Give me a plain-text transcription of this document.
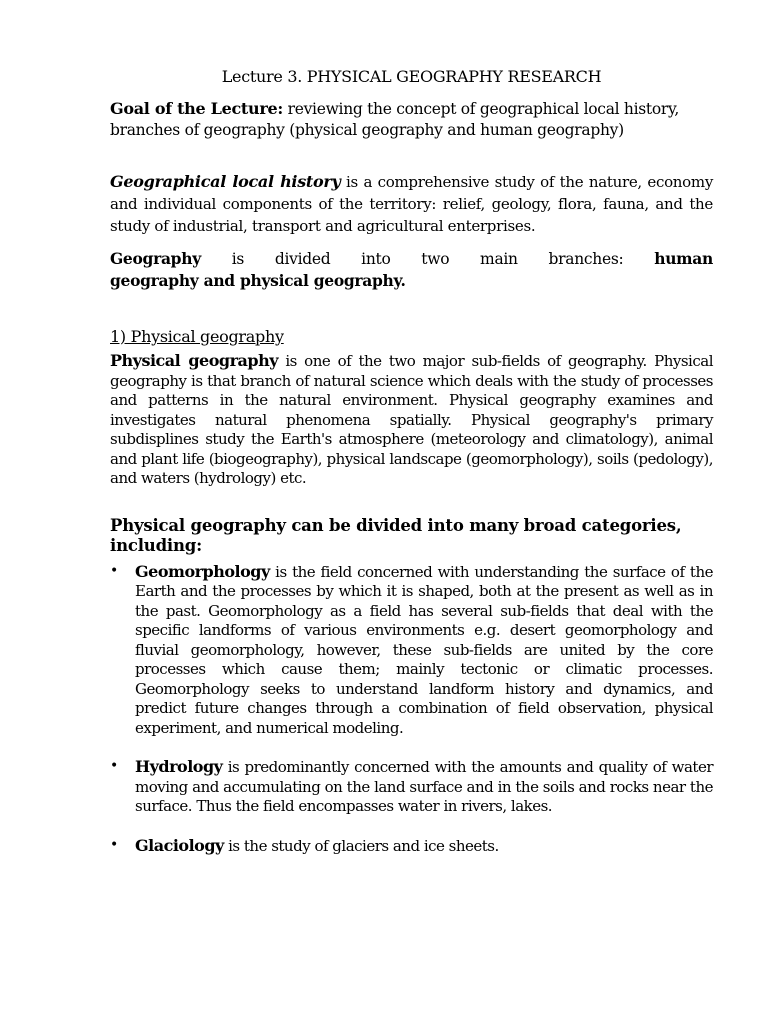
Lecture 3. PHYSICAL GEOGRAPHY RESEARCH

Goal of the Lecture: reviewing the concept of geographical local history, branches of geography (physical geography and human geography)

Geographical local history is a comprehensive study of the nature, economy and individual components of the territory: relief, geology, flora, fauna, and the study of industrial, transport and agricultural enterprises.

Geography is divided into two main branches: human
geography and physical geography.
1) Physical geography

Physical geography is one of the two major sub-fields of geography. Physical geography is that branch of natural science which deals with the study of processes and patterns in the natural environment. Physical geography examines and investigates natural phenomena spatially. Physical geography's primary subdisplines study the Earth's atmosphere (meteorology and climatology), animal and plant life (biogeography), physical landscape (geomorphology), soils (pedology), and waters (hydrology) etc.

Physical geography can be divided into many broad categories, including:

• Geomorphology is the field concerned with understanding the surface of the Earth and the processes by which it is shaped, both at the present as well as in the past. Geomorphology as a field has several sub-fields that deal with the specific landforms of various environments e.g. desert geomorphology and fluvial geomorphology, however, these sub-fields are united by the core processes which cause them; mainly tectonic or climatic processes. Geomorphology seeks to understand landform history and dynamics, and predict future changes through a combination of field observation, physical experiment, and numerical modeling.
• Hydrology is predominantly concerned with the amounts and quality of water moving and accumulating on the land surface and in the soils and rocks near the surface. Thus the field encompasses water in rivers, lakes.
• Glaciology is the study of glaciers and ice sheets.
